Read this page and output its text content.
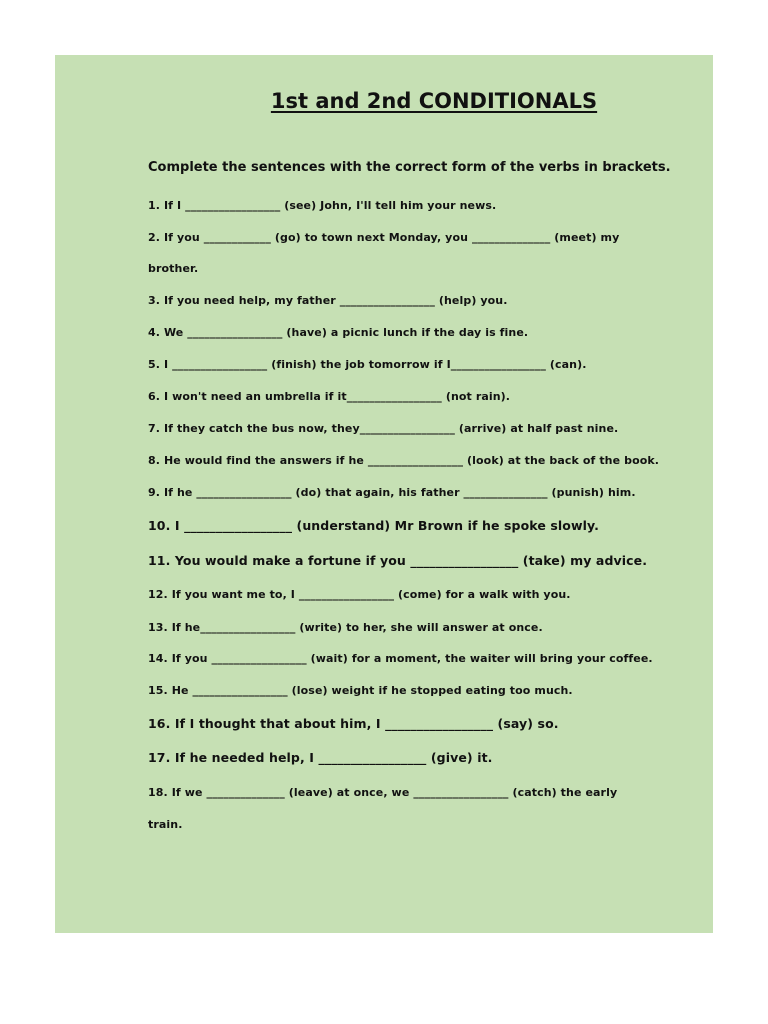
1st and 2nd CONDITIONALS
Complete the sentences with the correct form of the verbs in brackets.
1. If I _________________ (see) John, I'll tell him your news.
2. If you ____________ (go) to town next Monday, you ______________ (meet) my
brother.
3. If you need help, my father _________________ (help) you.
4. We _________________ (have) a picnic lunch if the day is fine.
5. I _________________ (finish) the job tomorrow if I_________________ (can).
6. I won't need an umbrella if it_________________ (not rain).
7. If they catch the bus now, they_________________ (arrive) at half past nine.
8. He would find the answers if he _________________ (look) at the back of the book.
9. If he _________________ (do) that again, his father _______________ (punish) him.
10. I _________________ (understand) Mr Brown if he spoke slowly.
11. You would make a fortune if you _________________ (take) my advice.
12. If you want me to, I _________________ (come) for a walk with you.
13. If he_________________ (write) to her, she will answer at once.
14. If you _________________ (wait) for a moment, the waiter will bring your coffee.
15. He _________________ (lose) weight if he stopped eating too much.
16. If I thought that about him, I _________________ (say) so.
17. If he needed help, I _________________ (give) it.
18. If we ______________ (leave) at once, we _________________ (catch) the early
train.
